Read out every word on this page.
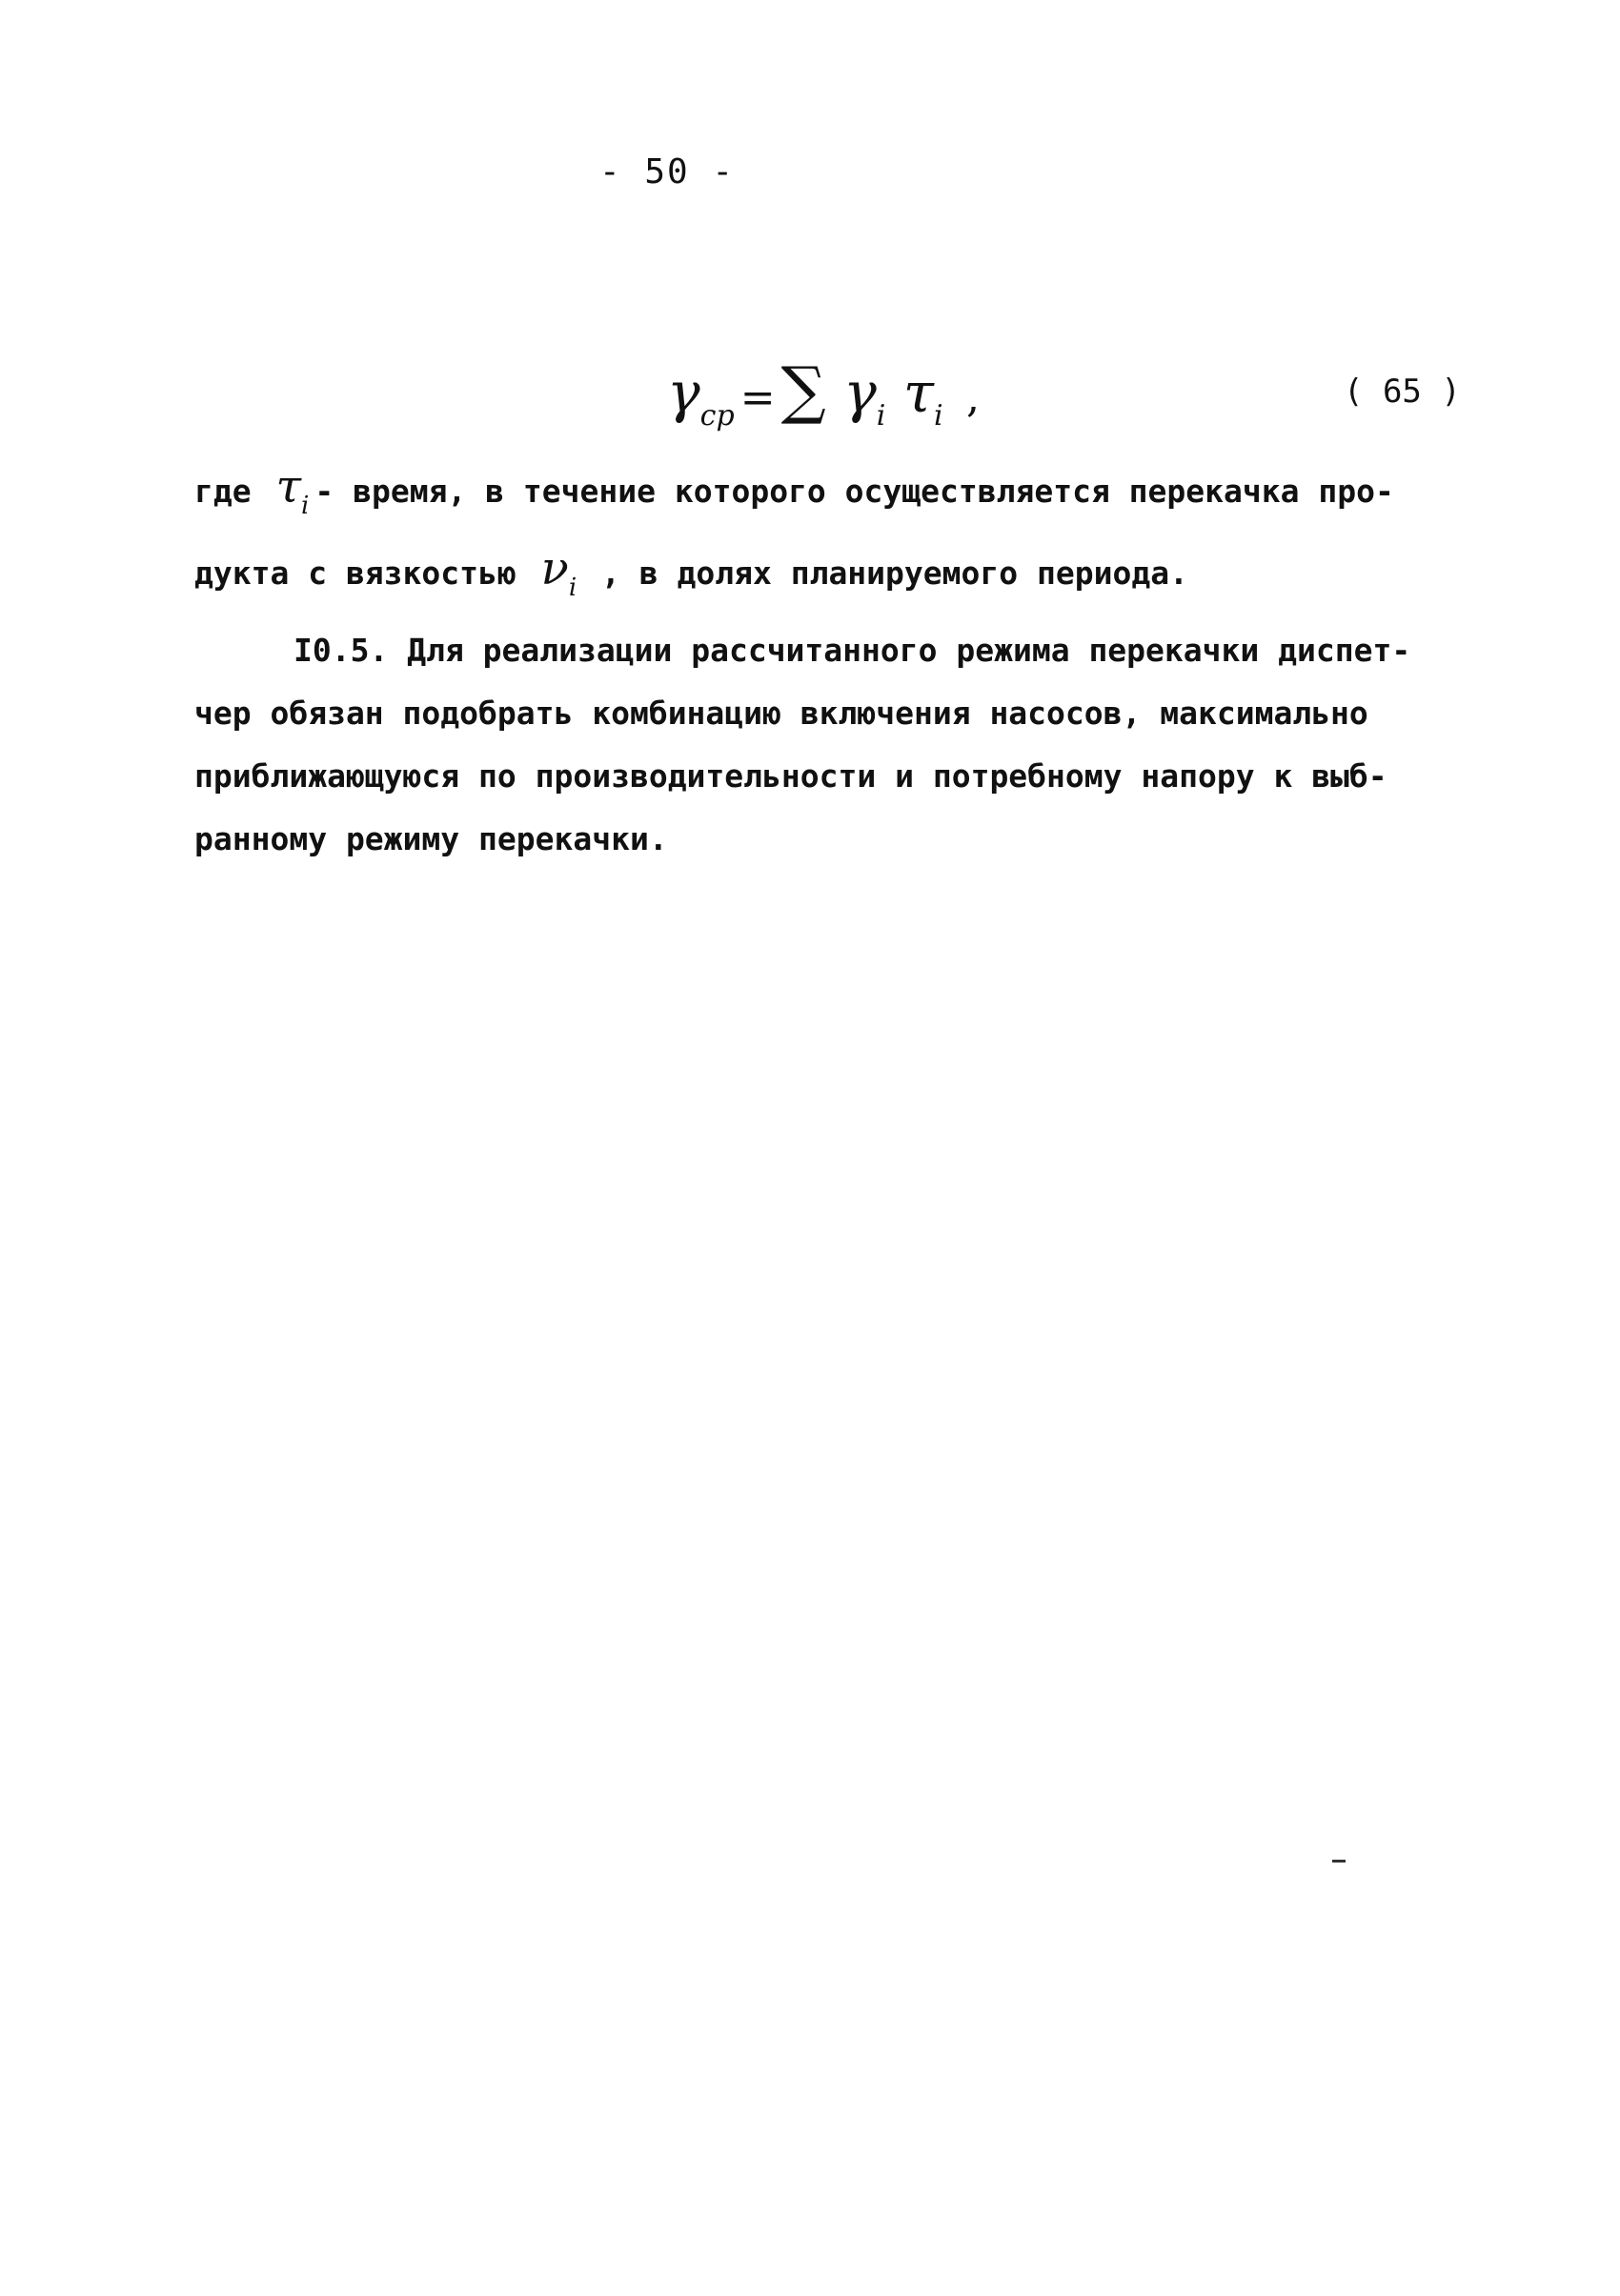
- 50 -
$\gamma_{ср}$ =∑ $\gamma_i$ $\tau_i$ ,	( 65 )
где $\tau_i$ - время, в течение которого осуществляется перекачка про-
дукта с вязкостью $\nu_i$ , в долях планируемого периода.
I0.5. Для реализации рассчитанного режима перекачки диспет-
чер обязан подобрать комбинацию включения насосов, максимально
приближающуюся по производительности и потребному напору к выб-
ранному режиму перекачки.
